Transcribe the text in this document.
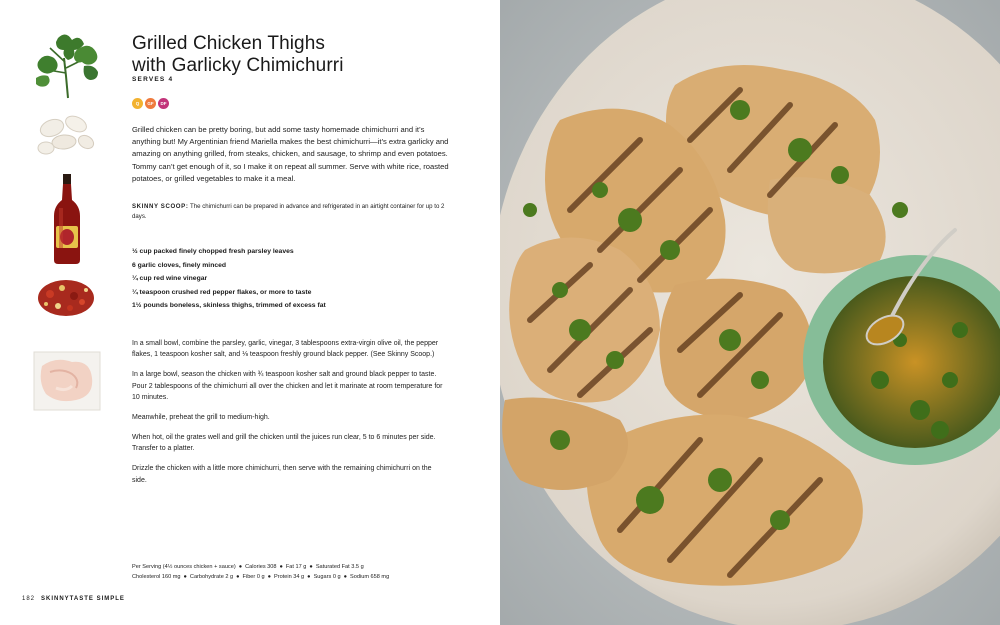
Grilled Chicken Thighs
with Garlicky Chimichurri
SERVES 4
Q	GF	DF
Grilled chicken can be pretty boring, but add some tasty homemade chimichurri and it’s anything but! My Argentinian friend Mariella makes the best chimichurri—it’s extra garlicky and amazing on anything grilled, from steaks, chicken, and sausage, to shrimp and even potatoes. Tommy can’t get enough of it, so I make it on repeat all summer. Serve with white rice, roasted potatoes, or grilled vegetables to make it a meal.
SKINNY SCOOP: The chimichurri can be prepared in advance and refrigerated in an airtight container for up to 2 days.
½ cup packed finely chopped fresh parsley leaves
6 garlic cloves, finely minced
¼ cup red wine vinegar
¼ teaspoon crushed red pepper flakes, or more to taste
1½ pounds boneless, skinless thighs, trimmed of excess fat

In a small bowl, combine the parsley, garlic, vinegar, 3 tablespoons extra-virgin olive oil, the pepper flakes, 1 teaspoon kosher salt, and ⅛ teaspoon freshly ground black pepper. (See Skinny Scoop.)

In a large bowl, season the chicken with ¾ teaspoon kosher salt and ground black pepper to taste. Pour 2 tablespoons of the chimichurri all over the chicken and let it marinate at room temperature for 10 minutes.

Meanwhile, preheat the grill to medium-high.

When hot, oil the grates well and grill the chicken until the juices run clear, 5 to 6 minutes per side. Transfer to a platter.

Drizzle the chicken with a little more chimichurri, then serve with the remaining chimichurri on the side.

Per Serving (4½ ounces chicken + sauce) ● Calories 308 ● Fat 17 g ● Saturated Fat 3.5 g
Cholesterol 160 mg ● Carbohydrate 2 g ● Fiber 0 g ● Protein 34 g ● Sugars 0 g ● Sodium 658 mg
182 SKINNYTASTE SIMPLE
